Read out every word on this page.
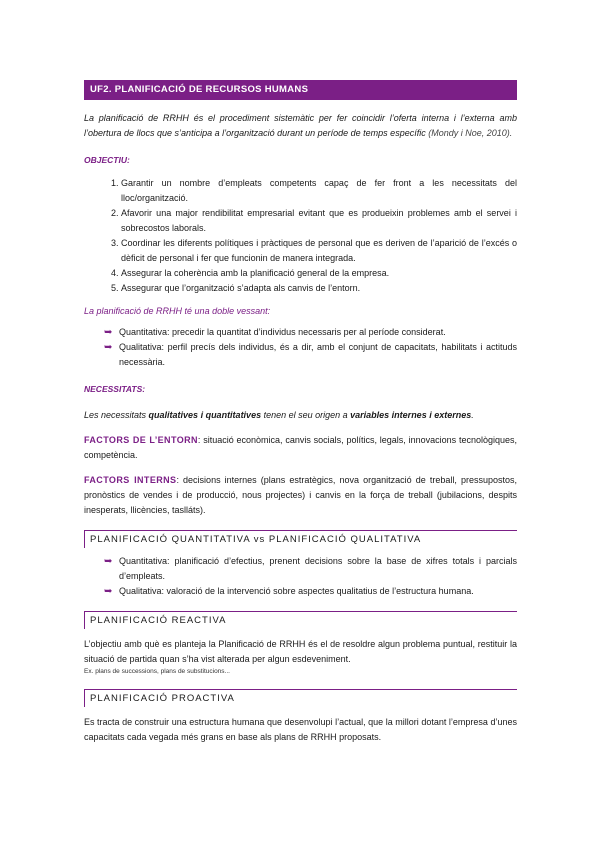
UF2. PLANIFICACIÓ DE RECURSOS HUMANS

La planificació de RRHH és el procediment sistemàtic per fer coincidir l’oferta interna i l’externa amb l’obertura de llocs que s’anticipa a l’organització durant un període de temps específic (Mondy i Noe, 2010).

OBJECTIU:

1. Garantir un nombre d’empleats competents capaç de fer front a les necessitats del lloc/organització.
2. Afavorir una major rendibilitat empresarial evitant que es produeixin problemes amb el servei i sobrecostos laborals.
3. Coordinar les diferents polítiques i pràctiques de personal que es deriven de l’aparició de l’excés o dèficit de personal i fer que funcionin de manera integrada.
4. Assegurar la coherència amb la planificació general de la empresa.
5. Assegurar que l’organització s’adapta als canvis de l’entorn.

La planificació de RRHH té una doble vessant:

➥ Quantitativa: precedir la quantitat d’individus necessaris per al període considerat.
➥ Qualitativa: perfil precís dels individus, és a dir, amb el conjunt de capacitats, habilitats i actituds necessària.

NECESSITATS:

Les necessitats qualitatives i quantitatives tenen el seu origen a variables internes i externes.

FACTORS DE L’ENTORN: situació econòmica, canvis socials, polítics, legals, innovacions tecnològiques, competència.

FACTORS INTERNS: decisions internes (plans estratègics, nova organització de treball, pressupostos, pronòstics de vendes i de producció, nous projectes) i canvis en la força de treball (jubilacions, despits inesperats, llicències, taslláts).

PLANIFICACIÓ QUANTITATIVA vs PLANIFICACIÓ QUALITATIVA
➥ Quantitativa: planificació d’efectius, prenent decisions sobre la base de xifres totals i parcials d’empleats.
➥ Qualitativa: valoració de la intervenció sobre aspectes qualitatius de l’estructura humana.
PLANIFICACIÓ REACTIVA

L’objectiu amb què es planteja la Planificació de RRHH és el de resoldre algun problema puntual, restituir la situació de partida quan s’ha vist alterada per algun esdeveniment.

Ex. plans de successions, plans de substitucions...

PLANIFICACIÓ PROACTIVA

Es tracta de construir una estructura humana que desenvolupi l’actual, que la millori dotant l’empresa d’unes capacitats cada vegada més grans en base als plans de RRHH proposats.
